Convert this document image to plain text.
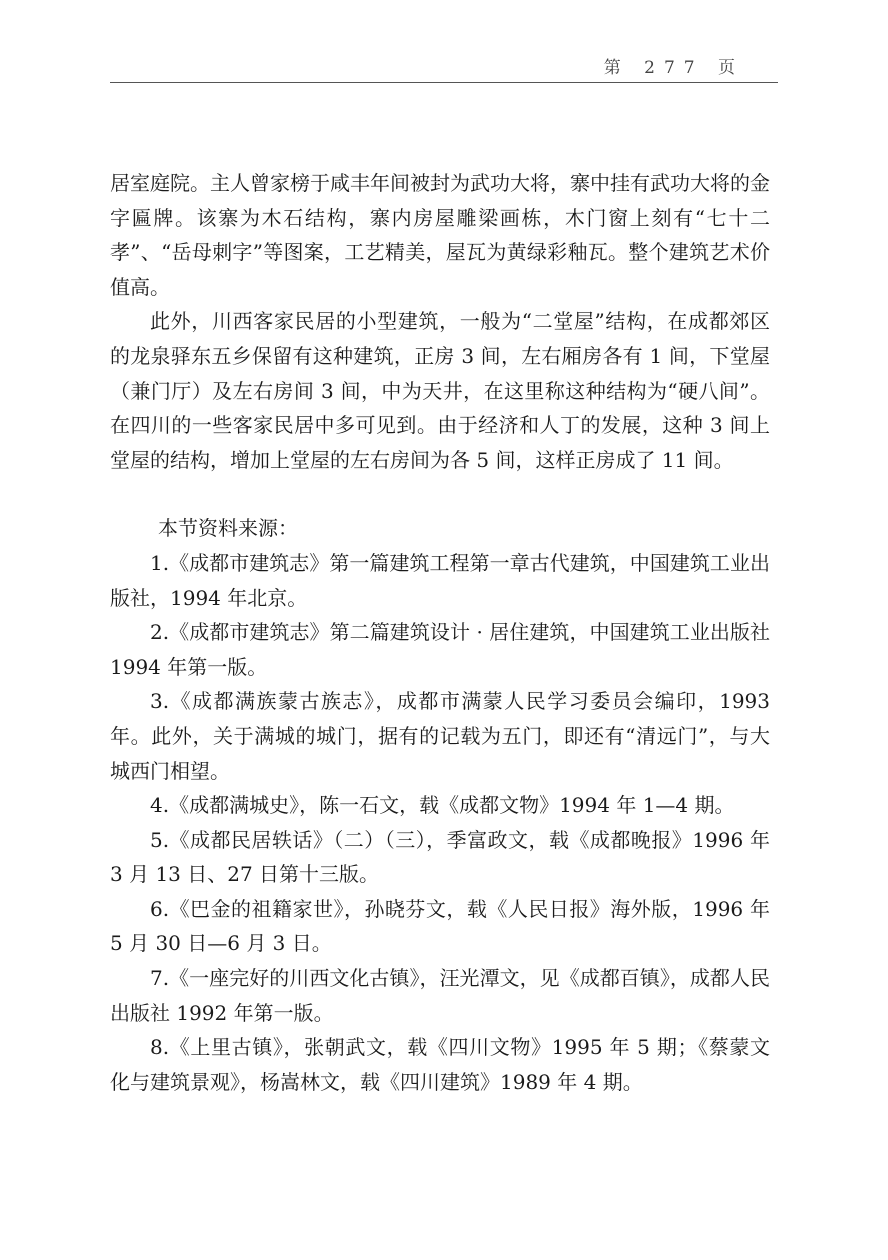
第 277 页

居室庭院。主人曾家榜于咸丰年间被封为武功大将，寨中挂有武功大将的金字匾牌。该寨为木石结构，寨内房屋雕梁画栋，木门窗上刻有“七十二孝”、“岳母刺字”等图案，工艺精美，屋瓦为黄绿彩釉瓦。整个建筑艺术价值高。

此外，川西客家民居的小型建筑，一般为“二堂屋”结构，在成都郊区的龙泉驿东五乡保留有这种建筑，正房 3 间，左右厢房各有 1 间，下堂屋（兼门厅）及左右房间 3 间，中为天井，在这里称这种结构为“硬八间”。在四川的一些客家民居中多可见到。由于经济和人丁的发展，这种 3 间上堂屋的结构，增加上堂屋的左右房间为各 5 间，这样正房成了 11 间。

本节资料来源：

1.《成都市建筑志》第一篇建筑工程第一章古代建筑，中国建筑工业出版社，1994 年北京。

2.《成都市建筑志》第二篇建筑设计 · 居住建筑，中国建筑工业出版社 1994 年第一版。

3.《成都满族蒙古族志》，成都市满蒙人民学习委员会编印，1993 年。此外，关于满城的城门，据有的记载为五门，即还有“清远门”，与大城西门相望。

4.《成都满城史》，陈一石文，载《成都文物》1994 年 1—4 期。

5.《成都民居轶话》（二）（三），季富政文，载《成都晚报》1996 年 3 月 13 日、27 日第十三版。

6.《巴金的祖籍家世》，孙晓芬文，载《人民日报》海外版，1996 年 5 月 30 日—6 月 3 日。

7.《一座完好的川西文化古镇》，汪光潭文，见《成都百镇》，成都人民出版社 1992 年第一版。

8.《上里古镇》，张朝武文，载《四川文物》1995 年 5 期；《蔡蒙文化与建筑景观》，杨嵩林文，载《四川建筑》1989 年 4 期。
